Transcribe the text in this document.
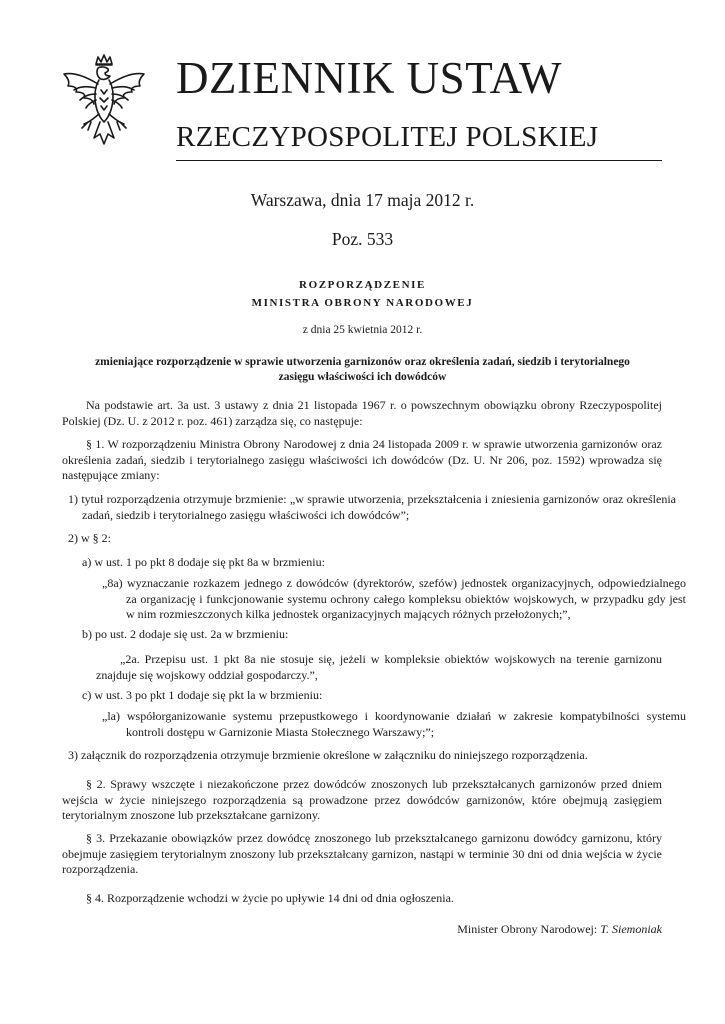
DZIENNIK USTAW
RZECZYPOSPOLITEJ POLSKIEJ
Warszawa, dnia 17 maja 2012 r.
Poz. 533
ROZPORZĄDZENIE
MINISTRA OBRONY NARODOWEJ
z dnia 25 kwietnia 2012 r.
zmieniające rozporządzenie w sprawie utworzenia garnizonów oraz określenia zadań, siedzib i terytorialnego zasięgu właściwości ich dowódców

Na podstawie art. 3a ust. 3 ustawy z dnia 21 listopada 1967 r. o powszechnym obowiązku obrony Rzeczypospolitej Polskiej (Dz. U. z 2012 r. poz. 461) zarządza się, co następuje:

§ 1. W rozporządzeniu Ministra Obrony Narodowej z dnia 24 listopada 2009 r. w sprawie utworzenia garnizonów oraz określenia zadań, siedzib i terytorialnego zasięgu właściwości ich dowódców (Dz. U. Nr 206, poz. 1592) wprowadza się następujące zmiany:

1) tytuł rozporządzenia otrzymuje brzmienie: „w sprawie utworzenia, przekształcenia i zniesienia garnizonów oraz określenia zadań, siedzib i terytorialnego zasięgu właściwości ich dowódców”;

2) w § 2:

a) w ust. 1 po pkt 8 dodaje się pkt 8a w brzmieniu:

„8a) wyznaczanie rozkazem jednego z dowódców (dyrektorów, szefów) jednostek organizacyjnych, odpowiedzialnego za organizację i funkcjonowanie systemu ochrony całego kompleksu obiektów wojskowych, w przypadku gdy jest w nim rozmieszczonych kilka jednostek organizacyjnych mających różnych przełożonych;”,

b) po ust. 2 dodaje się ust. 2a w brzmieniu:

„2a. Przepisu ust. 1 pkt 8a nie stosuje się, jeżeli w kompleksie obiektów wojskowych na terenie garnizonu znajduje się wojskowy oddział gospodarczy.”,

c) w ust. 3 po pkt 1 dodaje się pkt la w brzmieniu:

„la) współorganizowanie systemu przepustkowego i koordynowanie działań w zakresie kompatybilności systemu kontroli dostępu w Garnizonie Miasta Stołecznego Warszawy;”;

3) załącznik do rozporządzenia otrzymuje brzmienie określone w załączniku do niniejszego rozporządzenia.

§ 2. Sprawy wszczęte i niezakończone przez dowódców znoszonych lub przekształcanych garnizonów przed dniem wejścia w życie niniejszego rozporządzenia są prowadzone przez dowódców garnizonów, które obejmują zasięgiem terytorialnym znoszone lub przekształcane garnizony.

§ 3. Przekazanie obowiązków przez dowódcę znoszonego lub przekształcanego garnizonu dowódcy garnizonu, który obejmuje zasięgiem terytorialnym znoszony lub przekształcany garnizon, nastąpi w terminie 30 dni od dnia wejścia w życie rozporządzenia.

§ 4. Rozporządzenie wchodzi w życie po upływie 14 dni od dnia ogłoszenia.

Minister Obrony Narodowej: T. Siemoniak
